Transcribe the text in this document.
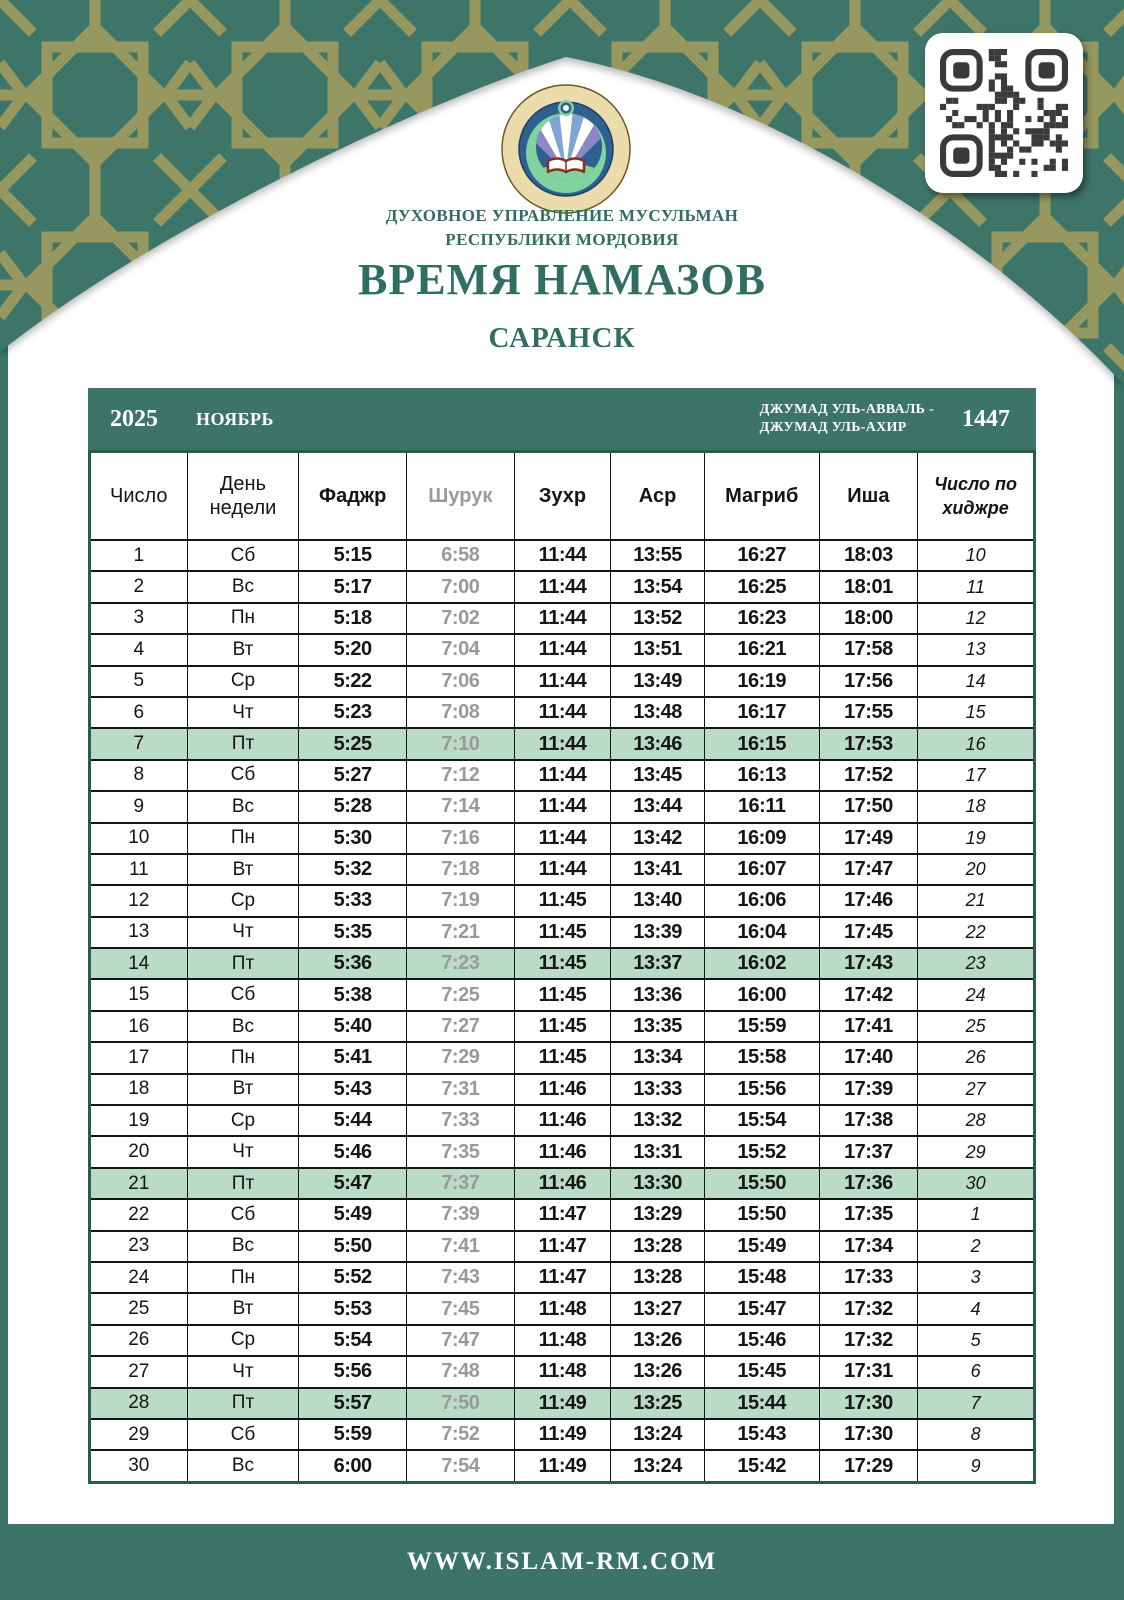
ДУХОВНОЕ УПРАВЛЕНИЕ МУСУЛЬМАН
РЕСПУБЛИКИ МОРДОВИЯ
ВРЕМЯ НАМАЗОВ
САРАНСК
2025 НОЯБРЬ	ДЖУМАД УЛЬ-АВВАЛЬ -
ДЖУМАД УЛЬ-АХИР	1447
Число	День недели	Фаджр	Шурук	Зухр	Аср	Магриб	Иша	Число по хиджре
1	Сб	5:15	6:58	11:44	13:55	16:27	18:03	10
2	Вс	5:17	7:00	11:44	13:54	16:25	18:01	11
3	Пн	5:18	7:02	11:44	13:52	16:23	18:00	12
4	Вт	5:20	7:04	11:44	13:51	16:21	17:58	13
5	Ср	5:22	7:06	11:44	13:49	16:19	17:56	14
6	Чт	5:23	7:08	11:44	13:48	16:17	17:55	15
7	Пт	5:25	7:10	11:44	13:46	16:15	17:53	16
8	Сб	5:27	7:12	11:44	13:45	16:13	17:52	17
9	Вс	5:28	7:14	11:44	13:44	16:11	17:50	18
10	Пн	5:30	7:16	11:44	13:42	16:09	17:49	19
11	Вт	5:32	7:18	11:44	13:41	16:07	17:47	20
12	Ср	5:33	7:19	11:45	13:40	16:06	17:46	21
13	Чт	5:35	7:21	11:45	13:39	16:04	17:45	22
14	Пт	5:36	7:23	11:45	13:37	16:02	17:43	23
15	Сб	5:38	7:25	11:45	13:36	16:00	17:42	24
16	Вс	5:40	7:27	11:45	13:35	15:59	17:41	25
17	Пн	5:41	7:29	11:45	13:34	15:58	17:40	26
18	Вт	5:43	7:31	11:46	13:33	15:56	17:39	27
19	Ср	5:44	7:33	11:46	13:32	15:54	17:38	28
20	Чт	5:46	7:35	11:46	13:31	15:52	17:37	29
21	Пт	5:47	7:37	11:46	13:30	15:50	17:36	30
22	Сб	5:49	7:39	11:47	13:29	15:50	17:35	1
23	Вс	5:50	7:41	11:47	13:28	15:49	17:34	2
24	Пн	5:52	7:43	11:47	13:28	15:48	17:33	3
25	Вт	5:53	7:45	11:48	13:27	15:47	17:32	4
26	Ср	5:54	7:47	11:48	13:26	15:46	17:32	5
27	Чт	5:56	7:48	11:48	13:26	15:45	17:31	6
28	Пт	5:57	7:50	11:49	13:25	15:44	17:30	7
29	Сб	5:59	7:52	11:49	13:24	15:43	17:30	8
30	Вс	6:00	7:54	11:49	13:24	15:42	17:29	9
WWW.ISLAM-RM.COM
